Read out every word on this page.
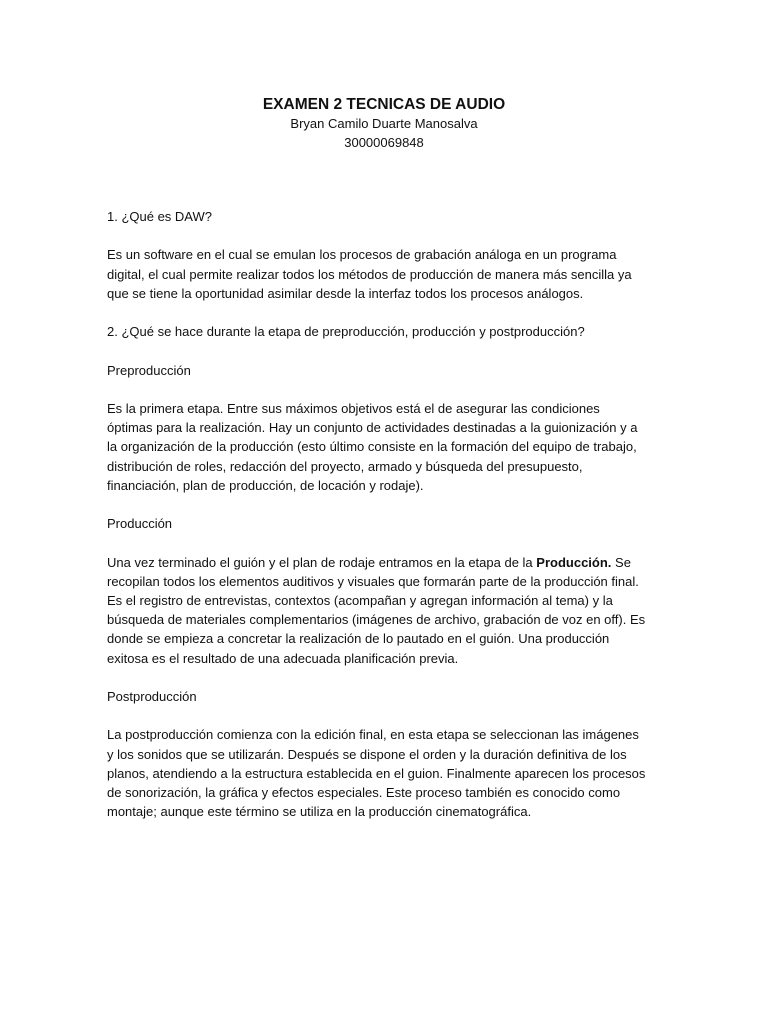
EXAMEN 2 TECNICAS DE AUDIO

Bryan Camilo Duarte Manosalva

30000069848

1. ¿Qué es DAW?

Es un software en el cual se emulan los procesos de grabación análoga en un programa digital, el cual permite realizar todos los métodos de producción de manera más sencilla ya que se tiene la oportunidad asimilar desde la interfaz todos los procesos análogos.

2. ¿Qué se hace durante la etapa de preproducción, producción y postproducción?

Preproducción

Es la primera etapa. Entre sus máximos objetivos está el de asegurar las condiciones óptimas para la realización. Hay un conjunto de actividades destinadas a la guionización y a la organización de la producción (esto último consiste en la formación del equipo de trabajo, distribución de roles, redacción del proyecto, armado y búsqueda del presupuesto, financiación, plan de producción, de locación y rodaje).

Producción

Una vez terminado el guión y el plan de rodaje entramos en la etapa de la Producción. Se recopilan todos los elementos auditivos y visuales que formarán parte de la producción final. Es el registro de entrevistas, contextos (acompañan y agregan información al tema) y la búsqueda de materiales complementarios (imágenes de archivo, grabación de voz en off). Es donde se empieza a concretar la realización de lo pautado en el guión. Una producción exitosa es el resultado de una adecuada planificación previa.

Postproducción

La postproducción comienza con la edición final, en esta etapa se seleccionan las imágenes y los sonidos que se utilizarán. Después se dispone el orden y la duración definitiva de los planos, atendiendo a la estructura establecida en el guion. Finalmente aparecen los procesos de sonorización, la gráfica y efectos especiales. Este proceso también es conocido como montaje; aunque este término se utiliza en la producción cinematográfica.
